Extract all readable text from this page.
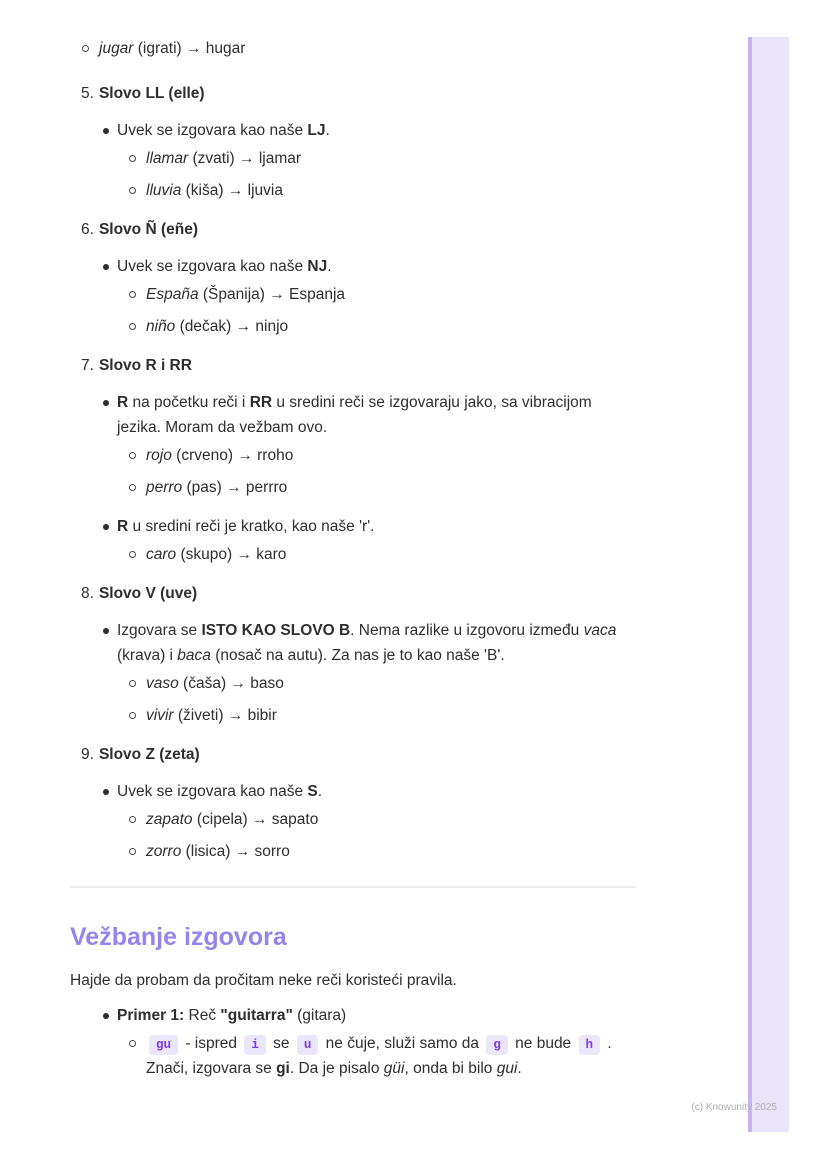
jugar (igrati) → hugar
5. Slovo LL (elle)
Uvek se izgovara kao naše LJ.
llamar (zvati) → ljamar
lluvia (kiša) → ljuvia
6. Slovo Ñ (eñe)
Uvek se izgovara kao naše NJ.
España (Španija) → Espanja
niño (dečak) → ninjo
7. Slovo R i RR
R na početku reči i RR u sredini reči se izgovaraju jako, sa vibracijom jezika. Moram da vežbam ovo.
rojo (crveno) → rroho
perro (pas) → perrro
R u sredini reči je kratko, kao naše 'r'.
caro (skupo) → karo
8. Slovo V (uve)
Izgovara se ISTO KAO SLOVO B. Nema razlike u izgovoru između vaca (krava) i baca (nosač na autu). Za nas je to kao naše 'B'.
vaso (čaša) → baso
vivir (živeti) → bibir
9. Slovo Z (zeta)
Uvek se izgovara kao naše S.
zapato (cipela) → sapato
zorro (lisica) → sorro
Vežbanje izgovora

Hajde da probam da pročitam neke reči koristeći pravila.

Primer 1: Reč "guitarra" (gitara)
gu - ispred i se u ne čuje, služi samo da g ne bude h . Znači, izgovara se gi. Da je pisalo güi, onda bi bilo gui.
(c) Knowunity 2025
